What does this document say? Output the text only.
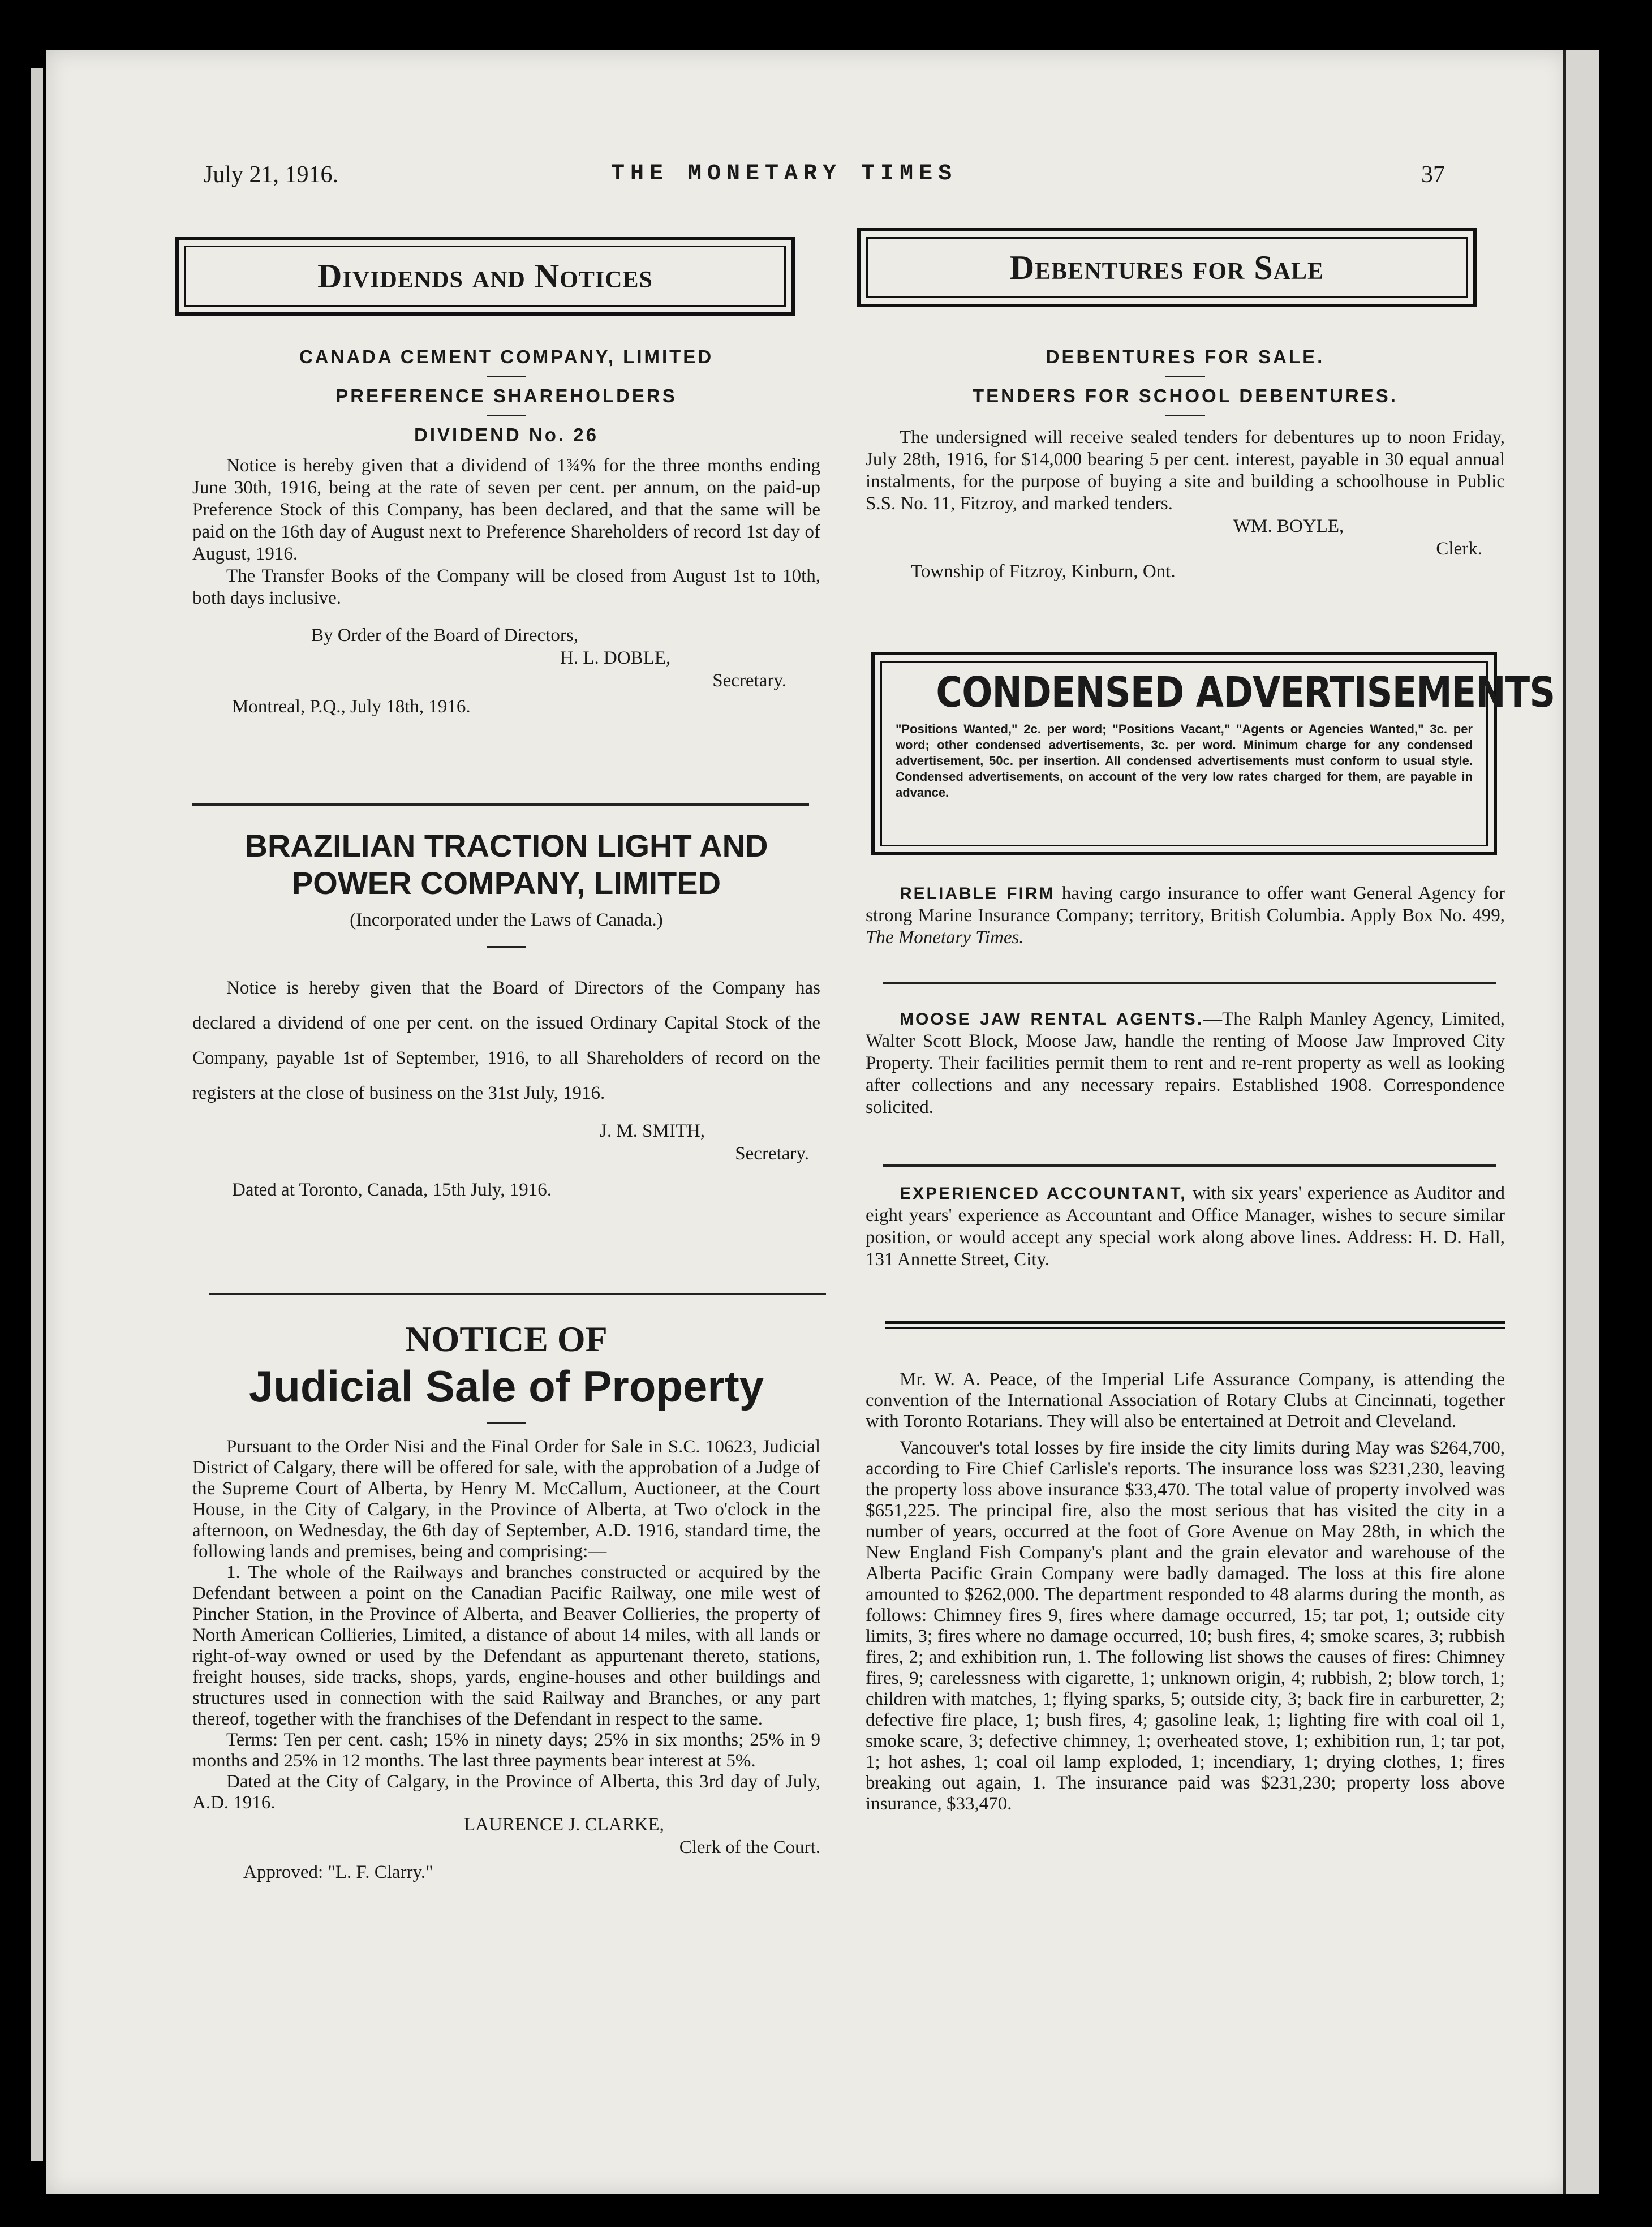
July 21, 1916.	THE MONETARY TIMES	37
Dividends and Notices	Debentures for Sale

CANADA CEMENT COMPANY, LIMITED

PREFERENCE SHAREHOLDERS

DIVIDEND No. 26

Notice is hereby given that a dividend of 1¾% for the three months ending June 30th, 1916, being at the rate of seven per cent. per annum, on the paid-up Preference Stock of this Company, has been declared, and that the same will be paid on the 16th day of August next to Preference Shareholders of record 1st day of August, 1916.

The Transfer Books of the Company will be closed from August 1st to 10th, both days inclusive.

By Order of the Board of Directors,

H. L. DOBLE,

Secretary.

Montreal, P.Q., July 18th, 1916.

BRAZILIAN TRACTION LIGHT AND

POWER COMPANY, LIMITED

(Incorporated under the Laws of Canada.)

Notice is hereby given that the Board of Directors of the Company has declared a dividend of one per cent. on the issued Ordinary Capital Stock of the Company, payable 1st of September, 1916, to all Shareholders of record on the registers at the close of business on the 31st July, 1916.

J. M. SMITH,

Secretary.

Dated at Toronto, Canada, 15th July, 1916.

NOTICE OF

Judicial Sale of Property

Pursuant to the Order Nisi and the Final Order for Sale in S.C. 10623, Judicial District of Calgary, there will be offered for sale, with the approbation of a Judge of the Supreme Court of Alberta, by Henry M. McCallum, Auctioneer, at the Court House, in the City of Calgary, in the Province of Alberta, at Two o'clock in the afternoon, on Wednesday, the 6th day of September, A.D. 1916, standard time, the following lands and premises, being and comprising:—

1. The whole of the Railways and branches constructed or acquired by the Defendant between a point on the Canadian Pacific Railway, one mile west of Pincher Station, in the Province of Alberta, and Beaver Collieries, the property of North American Collieries, Limited, a distance of about 14 miles, with all lands or right-of-way owned or used by the Defendant as appurtenant thereto, stations, freight houses, side tracks, shops, yards, engine-houses and other buildings and structures used in connection with the said Railway and Branches, or any part thereof, together with the franchises of the Defendant in respect to the same.

Terms: Ten per cent. cash; 15% in ninety days; 25% in six months; 25% in 9 months and 25% in 12 months. The last three payments bear interest at 5%.

Dated at the City of Calgary, in the Province of Alberta, this 3rd day of July, A.D. 1916.

LAURENCE J. CLARKE,

Clerk of the Court.

Approved: "L. F. Clarry."

DEBENTURES FOR SALE.

TENDERS FOR SCHOOL DEBENTURES.

The undersigned will receive sealed tenders for debentures up to noon Friday, July 28th, 1916, for $14,000 bearing 5 per cent. interest, payable in 30 equal annual instalments, for the purpose of buying a site and building a schoolhouse in Public S.S. No. 11, Fitzroy, and marked tenders.

WM. BOYLE,

Clerk.

Township of Fitzroy, Kinburn, Ont.

CONDENSED ADVERTISEMENTS

"Positions Wanted," 2c. per word; "Positions Vacant," "Agents or Agencies Wanted," 3c. per word; other condensed advertisements, 3c. per word. Minimum charge for any condensed advertisement, 50c. per insertion. All condensed advertisements must conform to usual style. Condensed advertisements, on account of the very low rates charged for them, are payable in advance.

RELIABLE FIRM having cargo insurance to offer want General Agency for strong Marine Insurance Company; territory, British Columbia. Apply Box No. 499, The Monetary Times.

MOOSE JAW RENTAL AGENTS.—The Ralph Manley Agency, Limited, Walter Scott Block, Moose Jaw, handle the renting of Moose Jaw Improved City Property. Their facilities permit them to rent and re-rent property as well as looking after collections and any necessary repairs. Established 1908. Correspondence solicited.

EXPERIENCED ACCOUNTANT, with six years' experience as Auditor and eight years' experience as Accountant and Office Manager, wishes to secure similar position, or would accept any special work along above lines. Address: H. D. Hall, 131 Annette Street, City.

Mr. W. A. Peace, of the Imperial Life Assurance Company, is attending the convention of the International Association of Rotary Clubs at Cincinnati, together with Toronto Rotarians. They will also be entertained at Detroit and Cleveland.

Vancouver's total losses by fire inside the city limits during May was $264,700, according to Fire Chief Carlisle's reports. The insurance loss was $231,230, leaving the property loss above insurance $33,470. The total value of property involved was $651,225. The principal fire, also the most serious that has visited the city in a number of years, occurred at the foot of Gore Avenue on May 28th, in which the New England Fish Company's plant and the grain elevator and warehouse of the Alberta Pacific Grain Company were badly damaged. The loss at this fire alone amounted to $262,000. The department responded to 48 alarms during the month, as follows: Chimney fires 9, fires where damage occurred, 15; tar pot, 1; outside city limits, 3; fires where no damage occurred, 10; bush fires, 4; smoke scares, 3; rubbish fires, 2; and exhibition run, 1. The following list shows the causes of fires: Chimney fires, 9; carelessness with cigarette, 1; unknown origin, 4; rubbish, 2; blow torch, 1; children with matches, 1; flying sparks, 5; outside city, 3; back fire in carburetter, 2; defective fire place, 1; bush fires, 4; gasoline leak, 1; lighting fire with coal oil 1, smoke scare, 3; defective chimney, 1; overheated stove, 1; exhibition run, 1; tar pot, 1; hot ashes, 1; coal oil lamp exploded, 1; incendiary, 1; drying clothes, 1; fires breaking out again, 1. The insurance paid was $231,230; property loss above insurance, $33,470.
